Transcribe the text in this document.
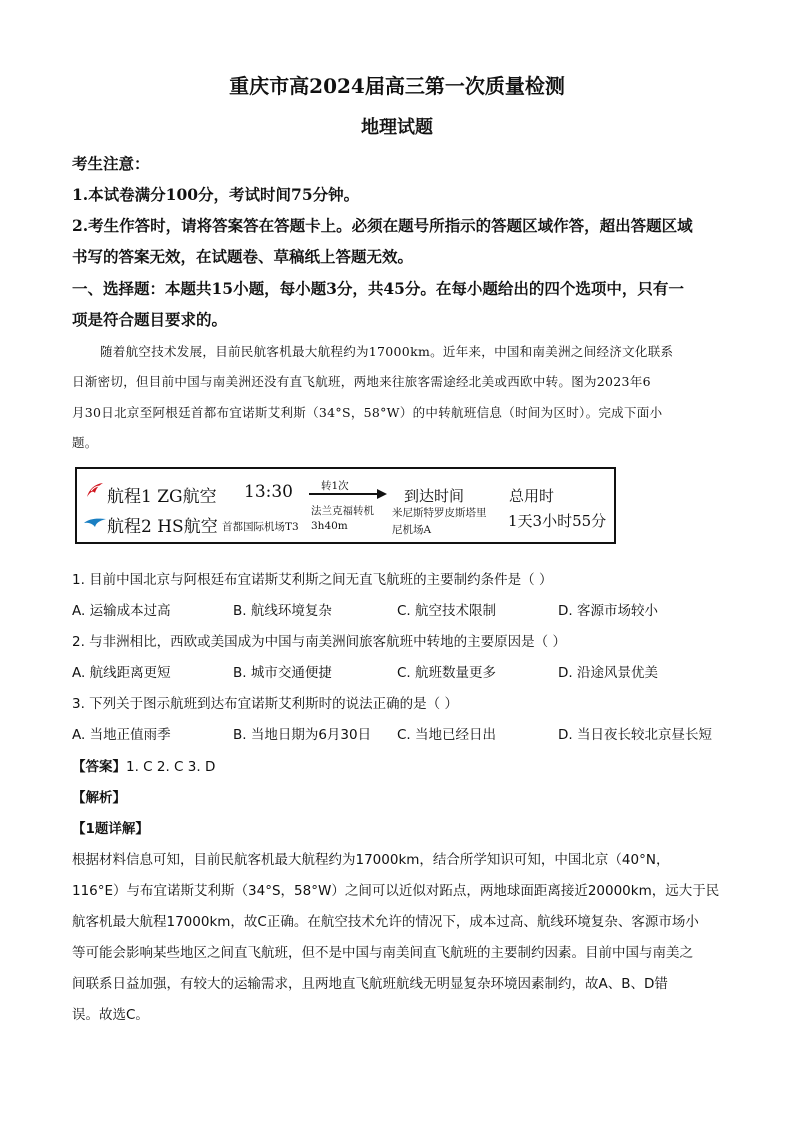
重庆市高2024届高三第一次质量检测
地理试题
考生注意：
1.本试卷满分100分，考试时间75分钟。
2.考生作答时，请将答案答在答题卡上。必须在题号所指示的答题区域作答，超出答题区域
书写的答案无效，在试题卷、草稿纸上答题无效。
一、选择题：本题共15小题，每小题3分，共45分。在每小题给出的四个选项中，只有一
项是符合题目要求的。
随着航空技术发展，目前民航客机最大航程约为17000km。近年来，中国和南美洲之间经济文化联系
日渐密切，但目前中国与南美洲还没有直飞航班，两地来往旅客需途经北美或西欧中转。图为2023年6
月30日北京至阿根廷首都布宜诺斯艾利斯（34°S，58°W）的中转航班信息（时间为区时）。完成下面小
题。
航程1 ZG航空
航程2 HS航空
13:30
首都国际机场T3
转1次
法兰克福转机
3h40m
到达时间
米尼斯特罗皮斯塔里
尼机场A
总用时
1天3小时55分
1. 目前中国北京与阿根廷布宜诺斯艾利斯之间无直飞航班的主要制约条件是（ ）
A. 运输成本过高	B. 航线环境复杂	C. 航空技术限制	D. 客源市场较小
2. 与非洲相比，西欧或美国成为中国与南美洲间旅客航班中转地的主要原因是（ ）
A. 航线距离更短	B. 城市交通便捷	C. 航班数量更多	D. 沿途风景优美
3. 下列关于图示航班到达布宜诺斯艾利斯时的说法正确的是（ ）
A. 当地正值雨季	B. 当地日期为6月30日 C. 当地已经日出	D. 当日夜长较北京昼长短
【答案】1. C 2. C 3. D
【解析】
【1题详解】
根据材料信息可知，目前民航客机最大航程约为17000km，结合所学知识可知，中国北京（40°N，
116°E）与布宜诺斯艾利斯（34°S，58°W）之间可以近似对跖点，两地球面距离接近20000km，远大于民
航客机最大航程17000km，故C正确。在航空技术允许的情况下，成本过高、航线环境复杂、客源市场小
等可能会影响某些地区之间直飞航班，但不是中国与南美间直飞航班的主要制约因素。目前中国与南美之
间联系日益加强，有较大的运输需求，且两地直飞航班航线无明显复杂环境因素制约，故A、B、D错
误。故选C。
